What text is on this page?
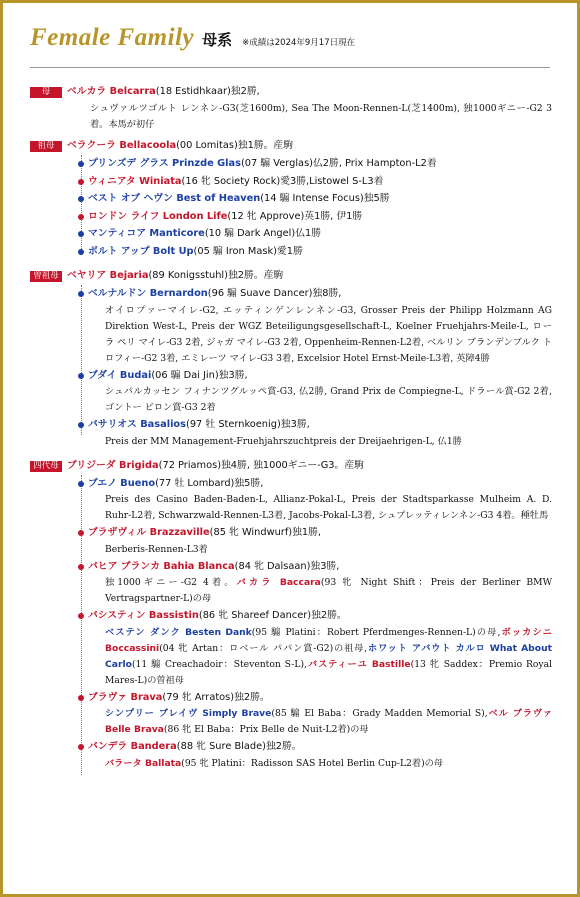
Female Family 母系 ※成績は2024年9月17日現在
母 ベルカラ Belcarra(18 Estidhkaar)独2勝,
シュヴァルツゴルト レンネン-G3(芝1600m), Sea The Moon-Rennen-L(芝1400m), 独1000ギニー-G2 3着。本馬が初仔
祖母 ベラクーラ Bellacoola(00 Lomitas)独1勝。産駒
プリンズデ グラス Prinzde Glas(07 騸 Verglas)仏2勝, Prix Hampton-L2着
ウィニアタ Winiata(16 牝 Society Rock)愛3勝,Listowel S-L3着
ベスト オブ ヘヴン Best of Heaven(14 騸 Intense Focus)独5勝
ロンドン ライフ London Life(12 牝 Approve)英1勝, 伊1勝
マンティコア Manticore(10 騸 Dark Angel)仏1勝
ボルト アップ Bolt Up(05 騸 Iron Mask)愛1勝
曽祖母 ベヤリア Bejaria(89 Konigsstuhl)独2勝。産駒
ベルナルドン Bernardon(96 騸 Suave Dancer)独8勝,
オイロプァーマイレ-G2, エッティンゲンレンネン-G3, Grosser Preis der Philipp Holzmann AG Direktion West-L, Preis der WGZ Beteiligungsgesellschaft-L, Koelner Fruehjahrs-Meile-L, ローラ ペリ マイレ-G3 2着, ジャガ マイレ-G3 2着, Oppenheim-Rennen-L2着, ベルリン ブランデンブルク トロフィー-G2 3着, エミレーツ マイレ-G3 3着, Excelsior Hotel Ernst-Meile-L3着, 英障4勝
ブダイ Budai(06 騸 Dai Jin)独3勝,
シュパルカッセン フィナンツグルッペ賞-G3, 仏2勝, Grand Prix de Compiegne-L, ドラール賞-G2 2着, ゴントー ビロン賞-G3 2着
バサリオス Basalios(97 牡 Sternkoenig)独3勝,
Preis der MM Management-Fruehjahrszuchtpreis der Dreijaehrigen-L, 仏1勝
四代母 ブリジーダ Brigida(72 Priamos)独4勝, 独1000ギニー-G3。産駒
ブエノ Bueno(77 牡 Lombard)独5勝,
Preis des Casino Baden-Baden-L, Allianz-Pokal-L, Preis der Stadtsparkasse Mulheim A. D. Ruhr-L2着, Schwarzwald-Rennen-L3着, Jacobs-Pokal-L3着, シュプレッティレンネン-G3 4着。種牡馬
ブラザヴィル Brazzaville(85 牝 Windwurf)独1勝,
Berberis-Rennen-L3着
バヒア ブランカ Bahia Blanca(84 牝 Dalsaan)独3勝,
独1000ギニー-G2 4着。バカラ Baccara(93 牝 Night Shift：Preis der Berliner BMW Vertragspartner-L)の母
バシスティン Bassistin(86 牝 Shareef Dancer)独2勝。
ベステン ダンク Besten Dank(95 騸 Platini：Robert Pferdmenges-Rennen-L)の母,ボッカシニ Boccassini(04 牝 Artan：ロベール パパン賞-G2)の祖母,ホワット アバウト カルロ What About Carlo(11 騸 Creachadoir：Steventon S-L),バスティーユ Bastille(13 牝 Saddex：Premio Royal Mares-L)の曽祖母
ブラヴァ Brava(79 牝 Arratos)独2勝。
シンプリー ブレイヴ Simply Brave(85 騸 El Baba：Grady Madden Memorial S),ベル ブラヴァ Belle Brava(86 牝 El Baba：Prix Belle de Nuit-L2着)の母
バンデラ Bandera(88 牝 Sure Blade)独2勝。
バラータ Ballata(95 牝 Platini：Radisson SAS Hotel Berlin Cup-L2着)の母
